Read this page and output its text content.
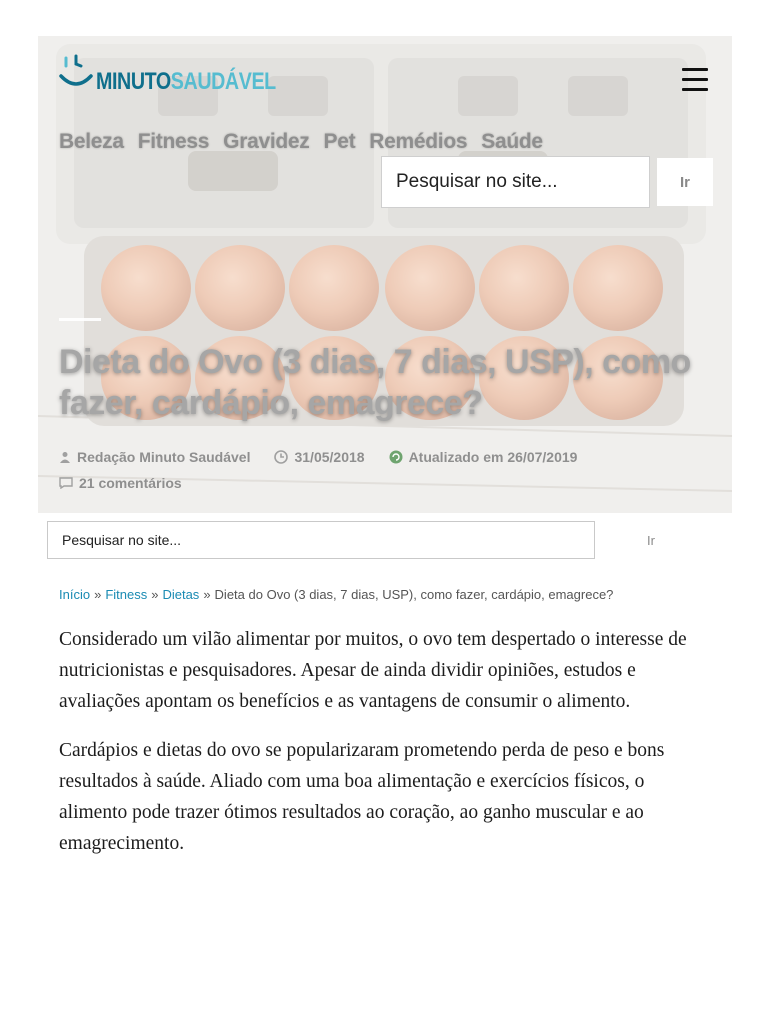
MINUTOSAUDÁVEL
Beleza Fitness Gravidez Pet Remédios Saúde
Pesquisar no site...
Ir
Dieta do Ovo (3 dias, 7 dias, USP), como fazer, cardápio, emagrece?
Redação Minuto Saudável	31/05/2018	Atualizado em 26/07/2019
21 comentários
Pesquisar no site...
Ir
Início » Fitness » Dietas » Dieta do Ovo (3 dias, 7 dias, USP), como fazer, cardápio, emagrece?

Considerado um vilão alimentar por muitos, o ovo tem despertado o interesse de nutricionistas e pesquisadores. Apesar de ainda dividir opiniões, estudos e avaliações apontam os benefícios e as vantagens de consumir o alimento.

Cardápios e dietas do ovo se popularizaram prometendo perda de peso e bons resultados à saúde. Aliado com uma boa alimentação e exercícios físicos, o alimento pode trazer ótimos resultados ao coração, ao ganho muscular e ao emagrecimento.
